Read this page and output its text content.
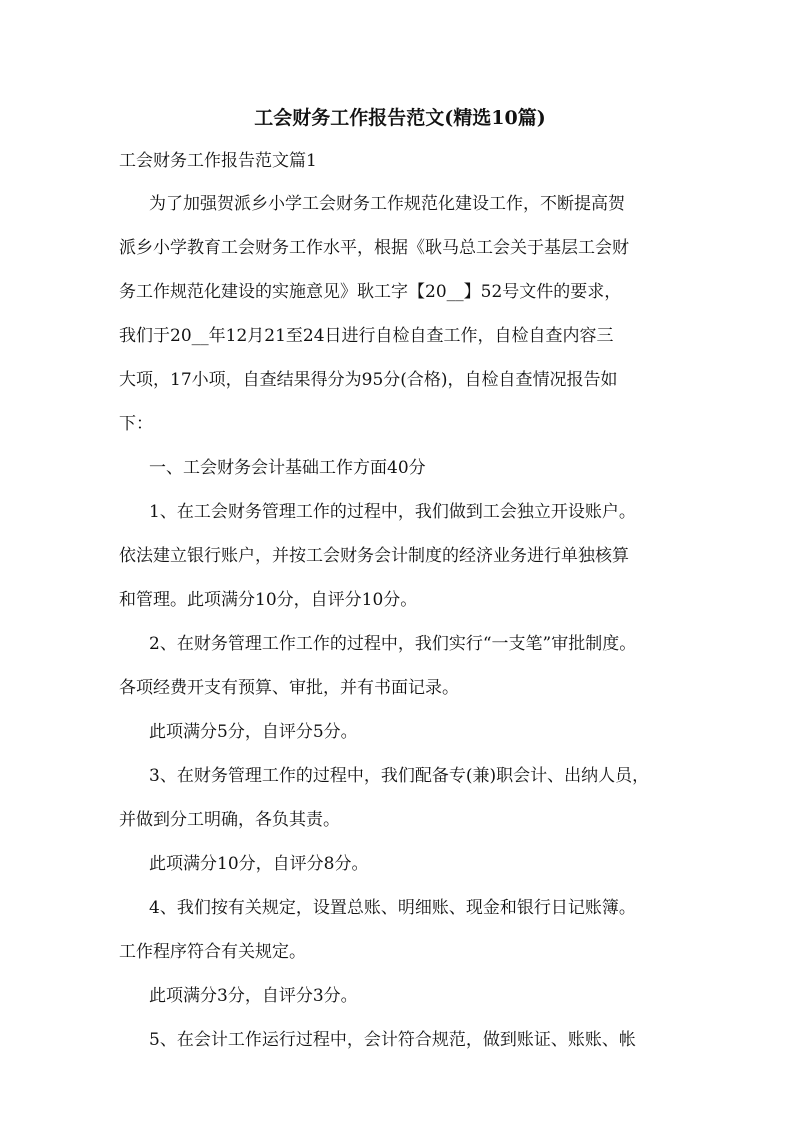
工会财务工作报告范文(精选10篇)
工会财务工作报告范文篇1
为了加强贺派乡小学工会财务工作规范化建设工作，不断提高贺
派乡小学教育工会财务工作水平，根据《耿马总工会关于基层工会财
务工作规范化建设的实施意见》耿工字【20__】52号文件的要求，
我们于20__年12月21至24日进行自检自查工作，自检自查内容三
大项，17小项，自查结果得分为95分(合格)，自检自查情况报告如
下：
一、工会财务会计基础工作方面40分
1、在工会财务管理工作的过程中，我们做到工会独立开设账户。
依法建立银行账户，并按工会财务会计制度的经济业务进行单独核算
和管理。此项满分10分，自评分10分。
2、在财务管理工作工作的过程中，我们实行“一支笔”审批制度。
各项经费开支有预算、审批，并有书面记录。
此项满分5分，自评分5分。
3、在财务管理工作的过程中，我们配备专(兼)职会计、出纳人员，
并做到分工明确，各负其责。
此项满分10分，自评分8分。
4、我们按有关规定，设置总账、明细账、现金和银行日记账簿。
工作程序符合有关规定。
此项满分3分，自评分3分。
5、在会计工作运行过程中，会计符合规范，做到账证、账账、帐
